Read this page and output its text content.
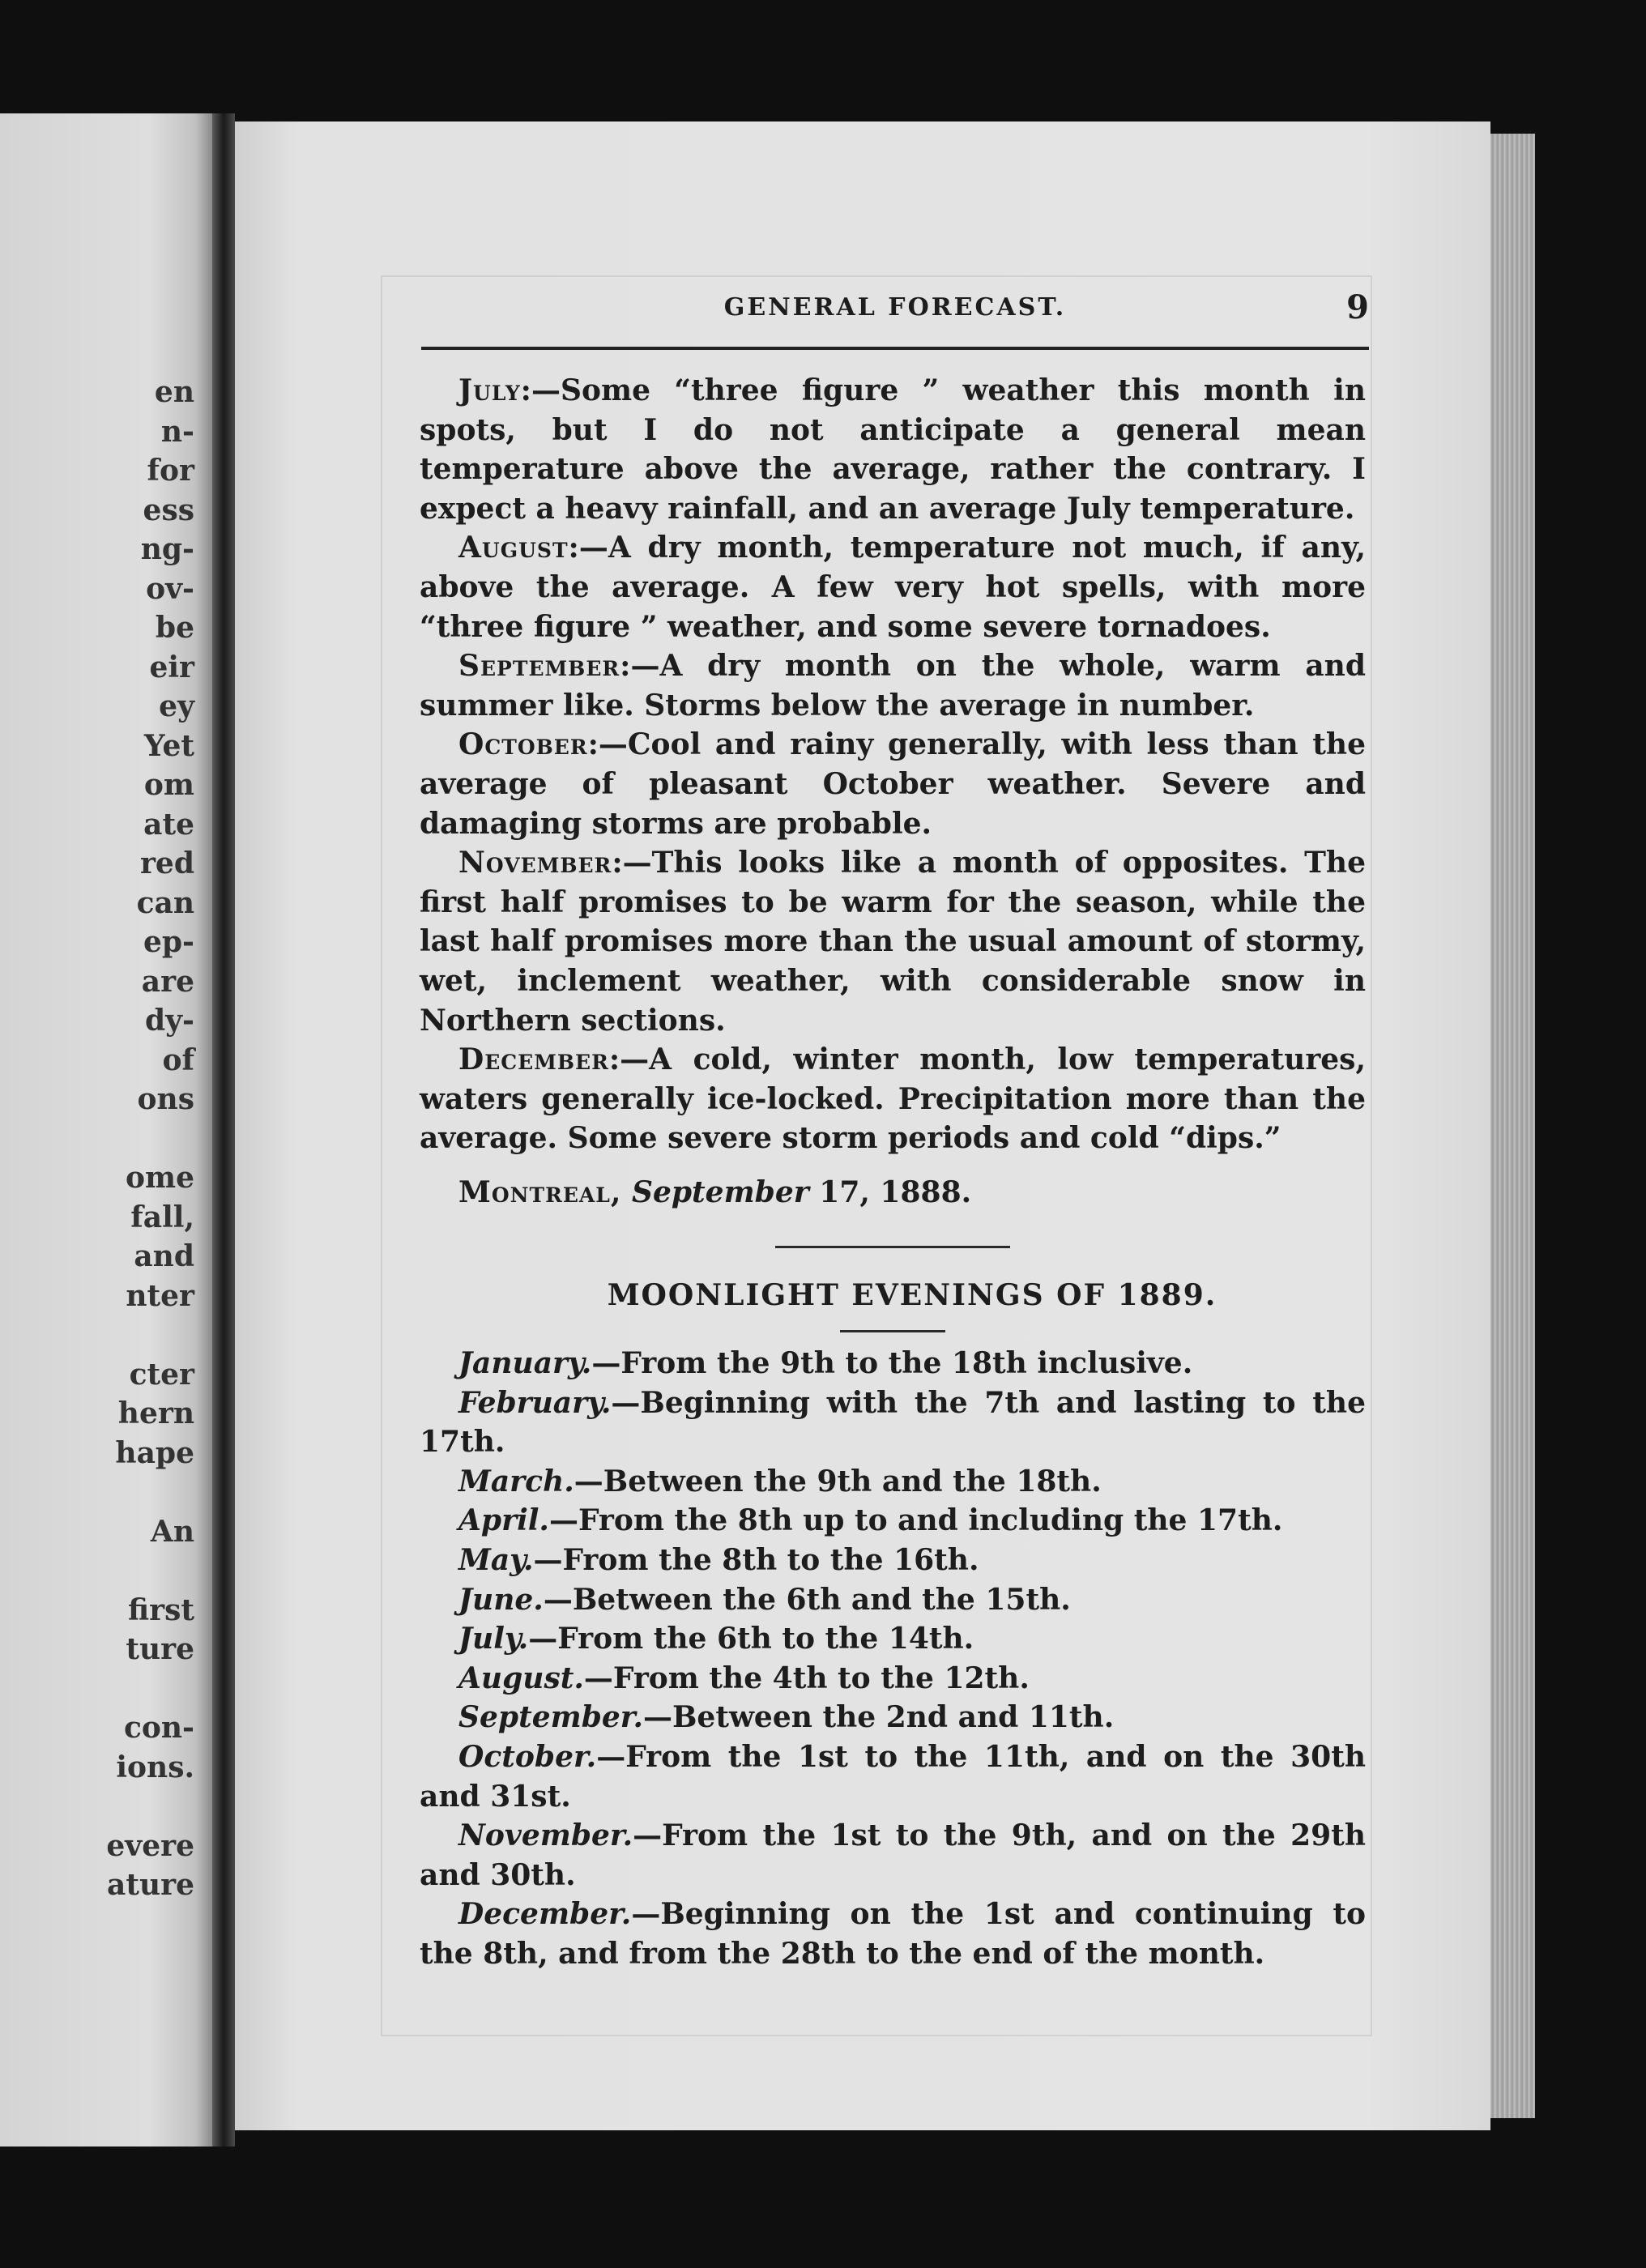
en
n-
for
ess
ng-
ov-
be
eir
ey
Yet
om
ate
red
can
ep-
are
dy-
of
ons
ome
fall,
and
nter
cter
hern
hape
An
first
ture
con-
ions.
evere
ature
GENERAL FORECAST.	9

July:—Some “three figure ” weather this month in spots, but I do not anticipate a general mean temperature above the average, rather the contrary. I expect a heavy rainfall, and an average July temperature.

August:—A dry month, temperature not much, if any, above the average. A few very hot spells, with more “three figure ” weather, and some severe tornadoes.

September:—A dry month on the whole, warm and summer like. Storms below the average in number.

October:—Cool and rainy generally, with less than the average of pleasant October weather. Severe and damaging storms are probable.

November:—This looks like a month of opposites. The first half promises to be warm for the season, while the last half promises more than the usual amount of stormy, wet, inclement weather, with considerable snow in Northern sections.

December:—A cold, winter month, low temperatures, waters generally ice-locked. Precipitation more than the average. Some severe storm periods and cold “dips.”

Montreal, September 17, 1888.

MOONLIGHT EVENINGS OF 1889.

January.—From the 9th to the 18th inclusive.

February.—Beginning with the 7th and lasting to the 17th.

March.—Between the 9th and the 18th.

April.—From the 8th up to and including the 17th.

May.—From the 8th to the 16th.

June.—Between the 6th and the 15th.

July.—From the 6th to the 14th.

August.—From the 4th to the 12th.

September.—Between the 2nd and 11th.

October.—From the 1st to the 11th, and on the 30th and 31st.

November.—From the 1st to the 9th, and on the 29th and 30th.

December.—Beginning on the 1st and continuing to the 8th, and from the 28th to the end of the month.
